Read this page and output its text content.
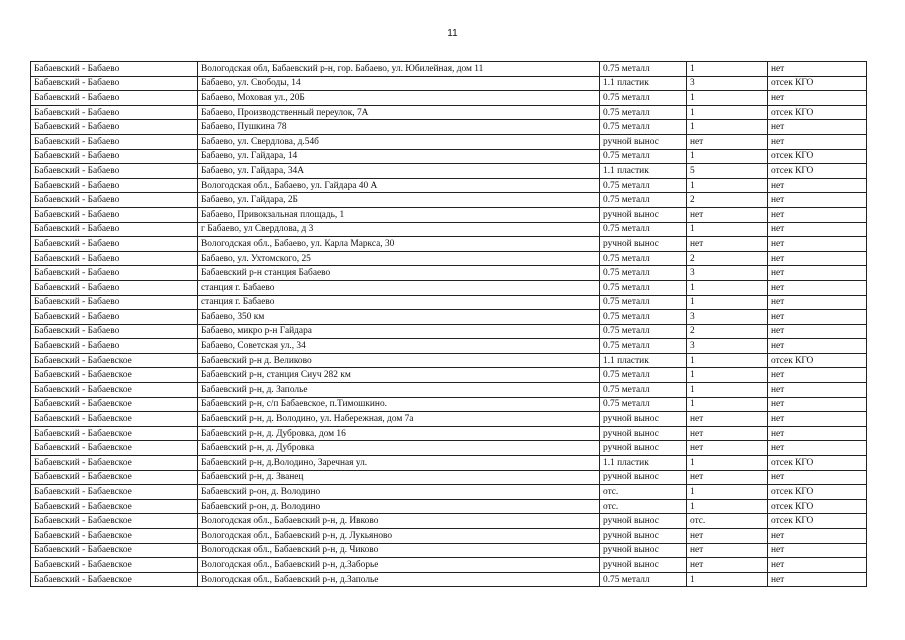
11
Бабаевский - Бабаево	Вологодская обл, Бабаевский р-н, гор. Бабаево, ул. Юбилейная, дом 11	0.75 металл	1	нет
Бабаевский - Бабаево	Бабаево, ул. Свободы, 14	1.1 пластик	3	отсек КГО
Бабаевский - Бабаево	Бабаево, Моховая ул., 20Б	0.75 металл	1	нет
Бабаевский - Бабаево	Бабаево, Производственный переулок, 7А	0.75 металл	1	отсек КГО
Бабаевский - Бабаево	Бабаево, Пушкина 78	0.75 металл	1	нет
Бабаевский - Бабаево	Бабаево, ул. Свердлова, д.54б	ручной вынос	нет	нет
Бабаевский - Бабаево	Бабаево, ул. Гайдара, 14	0.75 металл	1	отсек КГО
Бабаевский - Бабаево	Бабаево, ул. Гайдара, 34А	1.1 пластик	5	отсек КГО
Бабаевский - Бабаево	Вологодская обл., Бабаево, ул. Гайдара 40 А	0.75 металл	1	нет
Бабаевский - Бабаево	Бабаево, ул. Гайдара, 2Б	0.75 металл	2	нет
Бабаевский - Бабаево	Бабаево, Привокзальная площадь, 1	ручной вынос	нет	нет
Бабаевский - Бабаево	г Бабаево, ул Свердлова, д 3	0.75 металл	1	нет
Бабаевский - Бабаево	Вологодская обл., Бабаево, ул. Карла Маркса, 30	ручной вынос	нет	нет
Бабаевский - Бабаево	Бабаево, ул. Ухтомского, 25	0.75 металл	2	нет
Бабаевский - Бабаево	Бабаевский р-н станция Бабаево	0.75 металл	3	нет
Бабаевский - Бабаево	станция г. Бабаево	0.75 металл	1	нет
Бабаевский - Бабаево	станция г. Бабаево	0.75 металл	1	нет
Бабаевский - Бабаево	Бабаево, 350 км	0.75 металл	3	нет
Бабаевский - Бабаево	Бабаево, микро р-н Гайдара	0.75 металл	2	нет
Бабаевский - Бабаево	Бабаево, Советская ул., 34	0.75 металл	3	нет
Бабаевский - Бабаевское	Бабаевский р-н д. Великово	1.1 пластик	1	отсек КГО
Бабаевский - Бабаевское	Бабаевский р-н, станция Сиуч 282 км	0.75 металл	1	нет
Бабаевский - Бабаевское	Бабаевский р-н, д. Заполье	0.75 металл	1	нет
Бабаевский - Бабаевское	Бабаевский р-н, с/п Бабаевское, п.Тимошкино.	0.75 металл	1	нет
Бабаевский - Бабаевское	Бабаевский р-н, д. Володино, ул. Набережная, дом 7а	ручной вынос	нет	нет
Бабаевский - Бабаевское	Бабаевский р-н, д. Дубровка, дом 16	ручной вынос	нет	нет
Бабаевский - Бабаевское	Бабаевский р-н, д. Дубровка	ручной вынос	нет	нет
Бабаевский - Бабаевское	Бабаевский р-н, д.Володино, Заречная ул.	1.1 пластик	1	отсек КГО
Бабаевский - Бабаевское	Бабаевский р-н, д. Званец	ручной вынос	нет	нет
Бабаевский - Бабаевское	Бабаевский р-он, д. Володино	отс.	1	отсек КГО
Бабаевский - Бабаевское	Бабаевский р-он, д. Володино	отс.	1	отсек КГО
Бабаевский - Бабаевское	Вологодская обл., Бабаевский р-н, д. Ивково	ручной вынос	отс.	отсек КГО
Бабаевский - Бабаевское	Вологодская обл., Бабаевский р-н, д. Лукьяново	ручной вынос	нет	нет
Бабаевский - Бабаевское	Вологодская обл., Бабаевский р-н, д. Чиково	ручной вынос	нет	нет
Бабаевский - Бабаевское	Вологодская обл., Бабаевский р-н, д.Заборье	ручной вынос	нет	нет
Бабаевский - Бабаевское	Вологодская обл., Бабаевский р-н, д.Заполье	0.75 металл	1	нет
